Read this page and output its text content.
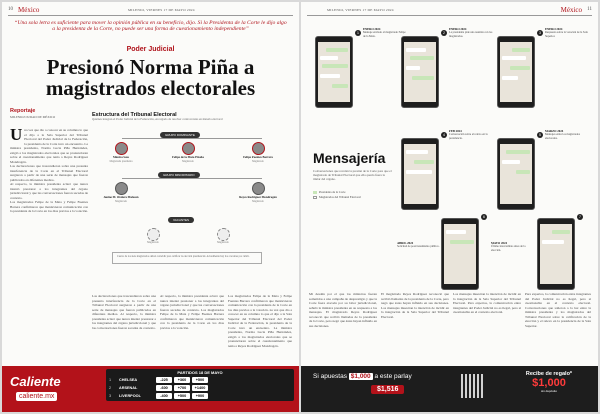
10 México	MILENIO, VIERNES 17 DE MAYO 2024
“Una sola letra es suficiente para mover la opinión pública en su beneficio, dijo. Si la Presidenta de la Corte le dijo algo a la presidenta de la Corte, no puede ser una forma de cuestionamiento independiente”
Poder Judicial
Presionó Norma Piña a magistrados electorales
Reportaje
MILENIO/CIUDAD DE MÉXICO
U na vez que dio a conocer en su columna lo que el dijo a la Sala Superior del Tribunal Electoral del Poder Judicial de la Federación, la presidenta de la Corte tuvo un encuentro. La ministra presidenta, Norma Lucía Piña Hernández, exigió a los magistrados electorales que se pronunciaran sobre el cuestionamiento que tenía a Reyes Rodríguez Mondragón.
Las declaraciones que trascendieron sobre una presunta interferencia de la Corte en el Tribunal Electoral surgieron a partir de una serie de mensajes que fueron publicados en diferentes medios.
Al respecto, la ministra presidenta aclaró que nunca intentó presionar a los integrantes del órgano jurisdiccional y que las conversaciones fueron sacadas de contexto.
Los magistrados Felipe de la Mata y Felipe Fuentes Barrera confirmaron que mantuvieron comunicación con la presidenta de la Corte en los días previos a la votación.
Estructura del Tribunal Electoral
Quiénes integran el Poder Judicial de la Federación, encargado de resolver controversias en materia electoral
GRUPO DOMINANTE
Mónica Soto
Magistrada presidenta
Felipe de la Mata Pizaña
Magistrado
Felipe Fuentes Barrera
Magistrado
GRUPO MINORITARIO
Janine M. Otálora Malassis
Magistrada
Reyes Rodríguez Mondragón
Magistrado
VACANTES
Magistrado	Magistrado
Cuatro de los siete magistrados deben coincidir para calificar la elección presidencial. Actualmente hay dos vacantes por cubrir.
Las declaraciones que trascendieron sobre una presunta interferencia de la Corte en el Tribunal Electoral surgieron a partir de una serie de mensajes que fueron publicados en diferentes medios. Al respecto, la ministra presidenta aclaró que nunca intentó presionar a los integrantes del órgano jurisdiccional y que las conversaciones fueron sacadas de contexto.
Al respecto, la ministra presidenta aclaró que nunca intentó presionar a los integrantes del órgano jurisdiccional y que las conversaciones fueron sacadas de contexto. Los magistrados Felipe de la Mata y Felipe Fuentes Barrera confirmaron que mantuvieron comunicación con la presidenta de la Corte en los días previos a la votación.
Los magistrados Felipe de la Mata y Felipe Fuentes Barrera confirmaron que mantuvieron comunicación con la presidenta de la Corte en los días previos a la votación. na vez que dio a conocer en su columna lo que el dijo a la Sala Superior del Tribunal Electoral del Poder Judicial de la Federación, la presidenta de la Corte tuvo un encuentro. La ministra presidenta, Norma Lucía Piña Hernández, exigió a los magistrados electorales que se pronunciaran sobre el cuestionamiento que tenía a Reyes Rodríguez Mondragón.
Caliente
caliente.mx
PARTIDOS 18 DE MAYO
1	CHELSEA	-225	+360	+500
2	ARSENAL	-600	+700	+1400
3	LIVERPOOL	-400	+500	+900
MILENIO, VIERNES 17 DE MAYO 2024	México 11
1
ENERO 2024
Mensaje enviado al magistrado Felipe de la Mata.
2
ENERO 2024
La presidenta pide una reunión con los magistrados.
3
ENERO 2024
Respuesta sobre la votación de la Sala Superior.
Mensajería
Conversaciones que revelan la presión de la Corte para que el magistrado de Tribunal Electoral que ella quería fuera la titular del órgano.
Presidenta de la Corte
Magistrados del Tribunal Electoral
4
FEB 2024
Conversación sobre el relevo en la presidencia.
5
MARZO 2024
Mensajes entre los magistrados electorales.
6
ABRIL 2024
Solicitud de posicionamiento público.
7
MAYO 2024
Último intercambio antes de la elección.
Mi desdén por el que los ministros fueran sometidos a una campaña de desprestigio y que la Corte fuera atacada por su labor jurisdiccional, señaló la ministra presidenta en su respuesta a los mensajes. El magistrado Reyes Rodríguez reconoció que recibió llamadas de la presidenta de la Corte, pero negó que éstas hayan influido en sus decisiones.
El magistrado Reyes Rodríguez reconoció que recibió llamadas de la presidenta de la Corte, pero negó que éstas hayan influido en sus decisiones. Los mensajes muestran la intención de incidir en la integración de la Sala Superior del Tribunal Electoral.
Los mensajes muestran la intención de incidir en la integración de la Sala Superior del Tribunal Electoral. Para expertos, la comunicación entre integrantes del Poder Judicial no es ilegal, pero sí cuestionable en el contexto electoral.
Para expertos, la comunicación entre integrantes del Poder Judicial no es ilegal, pero sí cuestionable en el contexto electoral. Conversaciones que salieron a la luz entre la ministra presidenta y los magistrados del Tribunal Electoral sobre la calificación de la elección y el relevo en la presidencia de la Sala Superior.
Si apuestas $1,000 a este parlay
$1,516
Recibe de regalo*
$1,000
sin depósito
